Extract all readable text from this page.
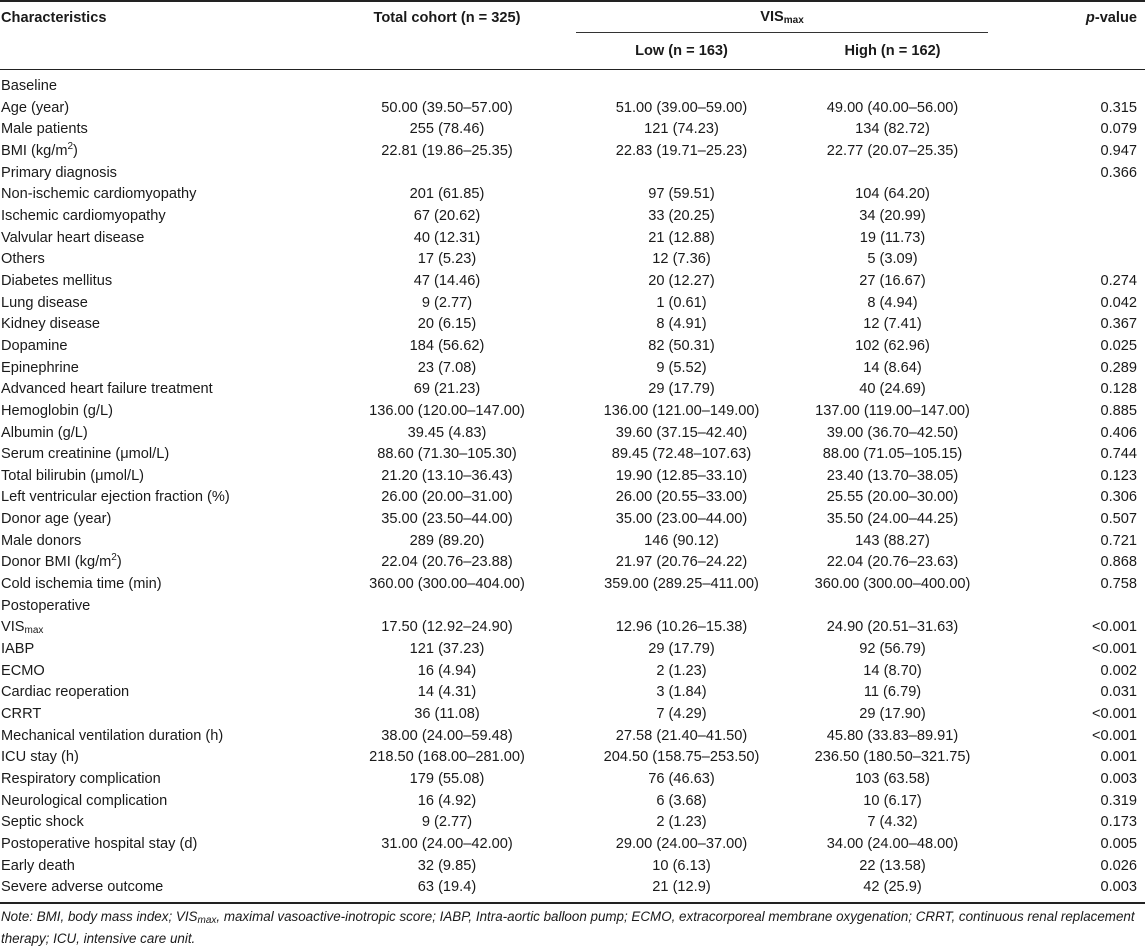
Characteristics	Total cohort (n = 325)	$VIS_{max}$		p-value
		Low (n = 163)	High (n = 162)	
Baseline				
Age (year)	50.00 (39.50–57.00)	51.00 (39.00–59.00)	49.00 (40.00–56.00)	0.315
Male patients	255 (78.46)	121 (74.23)	134 (82.72)	0.079
BMI $(kg/m^2)$	22.81 (19.86–25.35)	22.83 (19.71–25.23)	22.77 (20.07–25.35)	0.947
Primary diagnosis				0.366
Non-ischemic cardiomyopathy	201 (61.85)	97 (59.51)	104 (64.20)	
Ischemic cardiomyopathy	67 (20.62)	33 (20.25)	34 (20.99)	
Valvular heart disease	40 (12.31)	21 (12.88)	19 (11.73)	
Others	17 (5.23)	12 (7.36)	5 (3.09)	
Diabetes mellitus	47 (14.46)	20 (12.27)	27 (16.67)	0.274
Lung disease	9 (2.77)	1 (0.61)	8 (4.94)	0.042
Kidney disease	20 (6.15)	8 (4.91)	12 (7.41)	0.367
Dopamine	184 (56.62)	82 (50.31)	102 (62.96)	0.025
Epinephrine	23 (7.08)	9 (5.52)	14 (8.64)	0.289
Advanced heart failure treatment	69 (21.23)	29 (17.79)	40 (24.69)	0.128
Hemoglobin (g/L)	136.00 (120.00–147.00)	136.00 (121.00–149.00)	137.00 (119.00–147.00)	0.885
Albumin (g/L)	39.45 (4.83)	39.60 (37.15–42.40)	39.00 (36.70–42.50)	0.406
Serum creatinine (μmol/L)	88.60 (71.30–105.30)	89.45 (72.48–107.63)	88.00 (71.05–105.15)	0.744
Total bilirubin (μmol/L)	21.20 (13.10–36.43)	19.90 (12.85–33.10)	23.40 (13.70–38.05)	0.123
Left ventricular ejection fraction (%)	26.00 (20.00–31.00)	26.00 (20.55–33.00)	25.55 (20.00–30.00)	0.306
Donor age (year)	35.00 (23.50–44.00)	35.00 (23.00–44.00)	35.50 (24.00–44.25)	0.507
Male donors	289 (89.20)	146 (90.12)	143 (88.27)	0.721
Donor BMI $(kg/m^2)$	22.04 (20.76–23.88)	21.97 (20.76–24.22)	22.04 (20.76–23.63)	0.868
Cold ischemia time (min)	360.00 (300.00–404.00)	359.00 (289.25–411.00)	360.00 (300.00–400.00)	0.758
Postoperative				
$VIS_{max}$	17.50 (12.92–24.90)	12.96 (10.26–15.38)	24.90 (20.51–31.63)	<0.001
IABP	121 (37.23)	29 (17.79)	92 (56.79)	<0.001
ECMO	16 (4.94)	2 (1.23)	14 (8.70)	0.002
Cardiac reoperation	14 (4.31)	3 (1.84)	11 (6.79)	0.031
CRRT	36 (11.08)	7 (4.29)	29 (17.90)	<0.001
Mechanical ventilation duration (h)	38.00 (24.00–59.48)	27.58 (21.40–41.50)	45.80 (33.83–89.91)	<0.001
ICU stay (h)	218.50 (168.00–281.00)	204.50 (158.75–253.50)	236.50 (180.50–321.75)	0.001
Respiratory complication	179 (55.08)	76 (46.63)	103 (63.58)	0.003
Neurological complication	16 (4.92)	6 (3.68)	10 (6.17)	0.319
Septic shock	9 (2.77)	2 (1.23)	7 (4.32)	0.173
Postoperative hospital stay (d)	31.00 (24.00–42.00)	29.00 (24.00–37.00)	34.00 (24.00–48.00)	0.005
Early death	32 (9.85)	10 (6.13)	22 (13.58)	0.026
Severe adverse outcome	63 (19.4)	21 (12.9)	42 (25.9)	0.003

Note: BMI, body mass index; $VIS_{max}$, maximal vasoactive-inotropic score; IABP, Intra-aortic balloon pump; ECMO, extracorporeal membrane oxygenation; CRRT, continuous renal replacement therapy; ICU, intensive care unit.
